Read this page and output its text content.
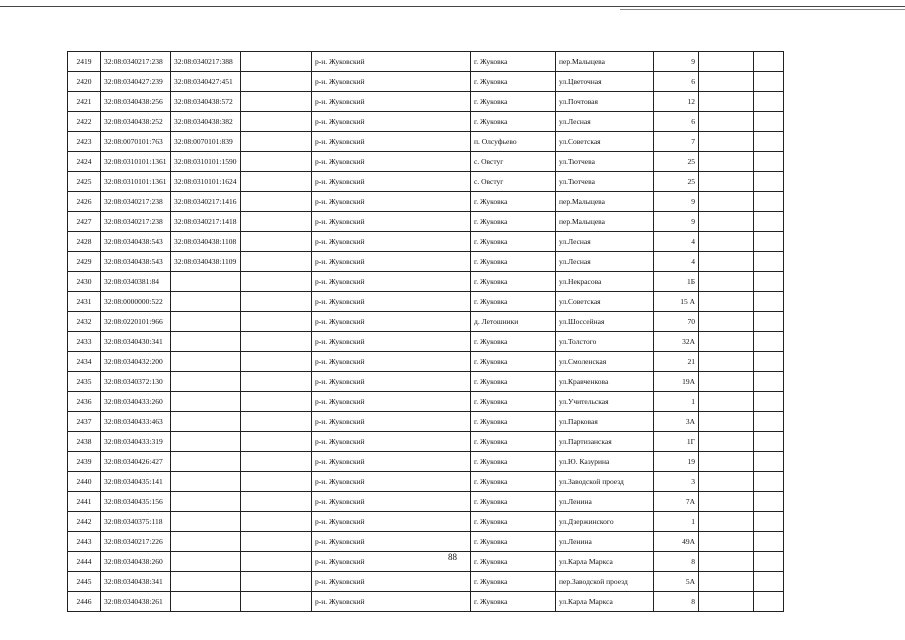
2419	32:08:0340217:238	32:08:0340217:388		р-н. Жуковский	г. Жуковка	пер.Малыцева	9		
2420	32:08:0340427:239	32:08:0340427:451		р-н. Жуковский	г. Жуковка	ул.Цветочная	6		
2421	32:08:0340438:256	32:08:0340438:572		р-н. Жуковский	г. Жуковка	ул.Почтовая	12		
2422	32:08:0340438:252	32:08:0340438:382		р-н. Жуковский	г. Жуковка	ул.Лесная	6		
2423	32:08:0070101:763	32:08:0070101:839		р-н. Жуковский	п. Олсуфьево	ул.Советская	7		
2424	32:08:0310101:1361	32:08:0310101:1590		р-н. Жуковский	с. Овстуг	ул.Тютчева	25		
2425	32:08:0310101:1361	32:08:0310101:1624		р-н. Жуковский	с. Овстуг	ул.Тютчева	25		
2426	32:08:0340217:238	32:08:0340217:1416		р-н. Жуковский	г. Жуковка	пер.Малыцева	9		
2427	32:08:0340217:238	32:08:0340217:1418		р-н. Жуковский	г. Жуковка	пер.Малыцева	9		
2428	32:08:0340438:543	32:08:0340438:1108		р-н. Жуковский	г. Жуковка	ул.Лесная	4		
2429	32:08:0340438:543	32:08:0340438:1109		р-н. Жуковский	г. Жуковка	ул.Лесная	4		
2430	32:08:0340381:84			р-н. Жуковский	г. Жуковка	ул.Некрасова	1Б		
2431	32:08:0000000:522			р-н. Жуковский	г. Жуковка	ул.Советская	15 А		
2432	32:08:0220101:966			р-н. Жуковский	д. Летошники	ул.Шоссейная	70		
2433	32:08:0340430:341			р-н. Жуковский	г. Жуковка	ул.Толстого	32А		
2434	32:08:0340432:200			р-н. Жуковский	г. Жуковка	ул.Смоленская	21		
2435	32:08:0340372:130			р-н. Жуковский	г. Жуковка	ул.Кравченкова	19А		
2436	32:08:0340433:260			р-н. Жуковский	г. Жуковка	ул.Учительская	1		
2437	32:08:0340433:463			р-н. Жуковский	г. Жуковка	ул.Парковая	3А		
2438	32:08:0340433:319			р-н. Жуковский	г. Жуковка	ул.Партизанская	1Г		
2439	32:08:0340426:427			р-н. Жуковский	г. Жуковка	ул.Ю. Казурина	19		
2440	32:08:0340435:141			р-н. Жуковский	г. Жуковка	ул.Заводской проезд	3		
2441	32:08:0340435:156			р-н. Жуковский	г. Жуковка	ул.Ленина	7А		
2442	32:08:0340375:118			р-н. Жуковский	г. Жуковка	ул.Дзержинского	1		
2443	32:08:0340217:226			р-н. Жуковский	г. Жуковка	ул.Ленина	49А		
2444	32:08:0340438:260			р-н. Жуковский	г. Жуковка	ул.Карла Маркса	8		
2445	32:08:0340438:341			р-н. Жуковский	г. Жуковка	пер.Заводской проезд	5А		
2446	32:08:0340438:261			р-н. Жуковский	г. Жуковка	ул.Карла Маркса	8		
88
